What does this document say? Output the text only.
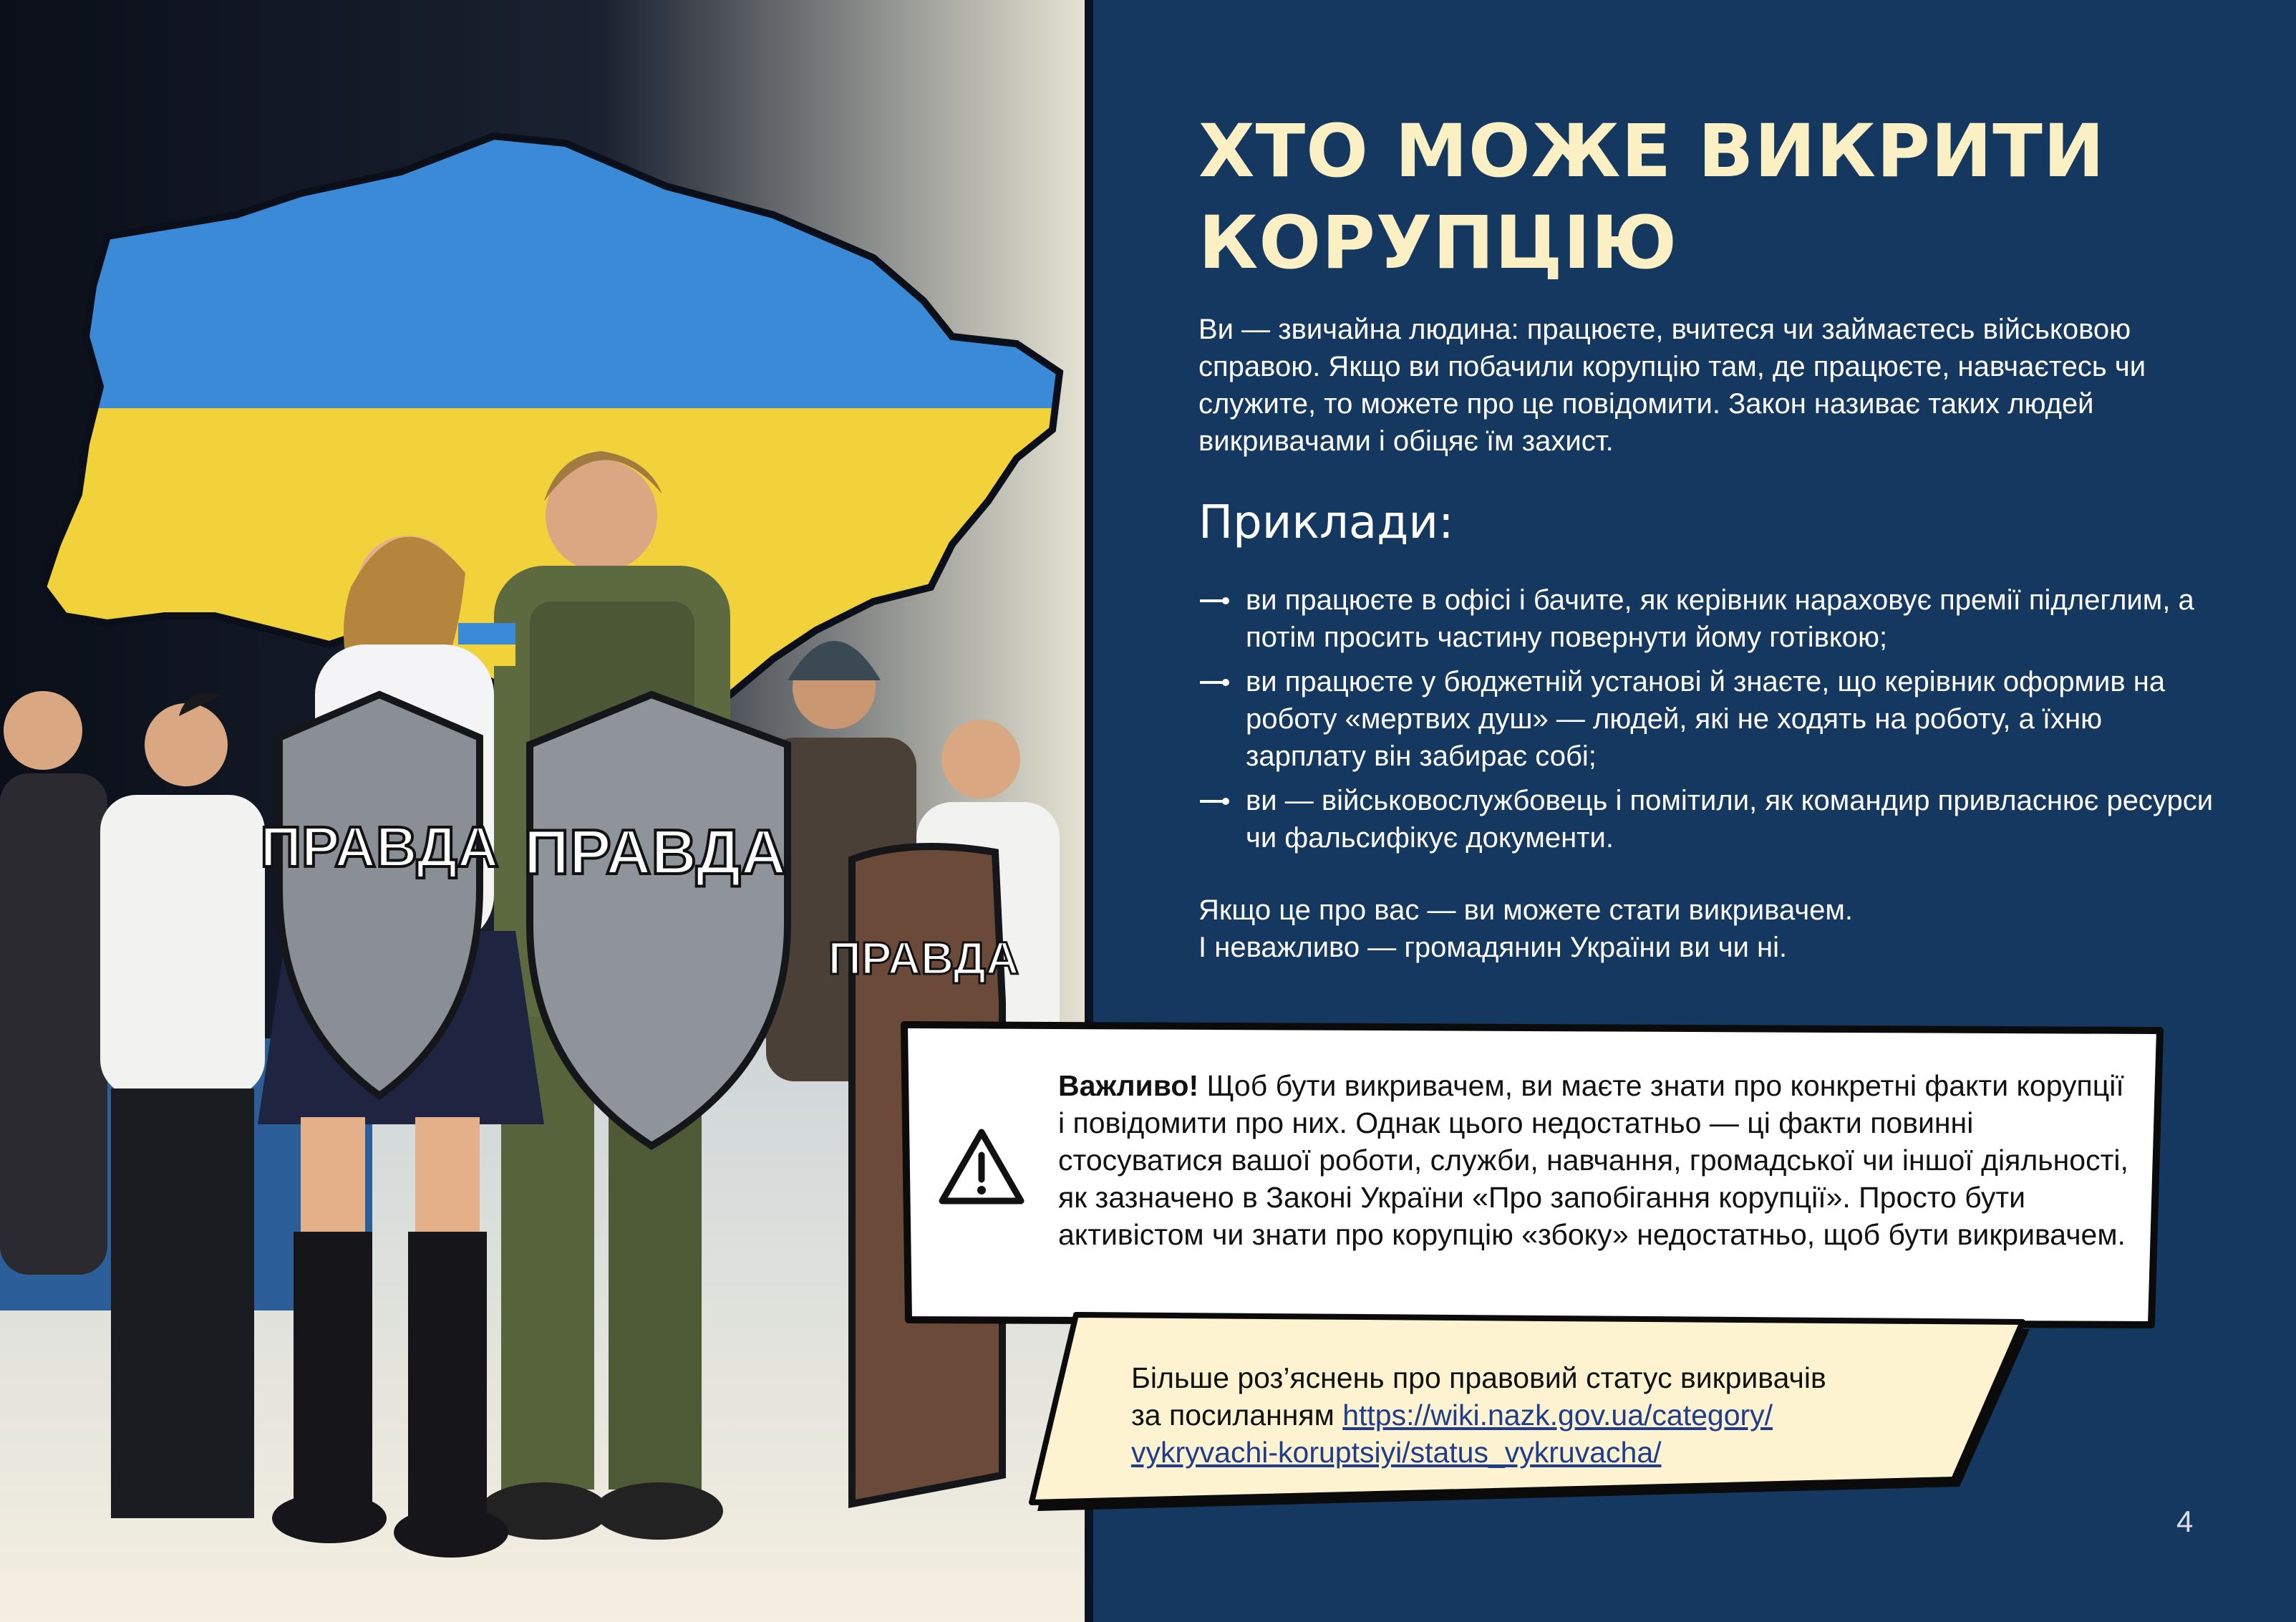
ПРАВДА ПРАВДА
ПРАВДА
ХТО МОЖЕ ВИКРИТИ КОРУПЦІЮ

Ви — звичайна людина: працюєте, вчитеся чи займаєтесь військовою справою. Якщо ви побачили корупцію там, де працюєте, навчаєтесь чи служите, то можете про це повідомити. Закон називає таких людей викривачами і обіцяє їм захист.

Приклади:
ви працюєте в офісі і бачите, як керівник нараховує премії підлеглим, а потім просить частину повернути йому готівкою;
ви працюєте у бюджетній установі й знаєте, що керівник оформив на роботу «мертвих душ» — людей, які не ходять на роботу, а їхню зарплату він забирає собі;
ви — військовослужбовець і помітили, як командир привласнює ресурси чи фальсифікує документи.

Якщо це про вас — ви можете стати викривачем.
І неважливо — громадянин України ви чи ні.

Важливо! Щоб бути викривачем, ви маєте знати про конкретні факти корупції і повідомити про них. Однак цього недостатньо — ці факти повинні стосуватися вашої роботи, служби, навчання, громадської чи іншої діяльності, як зазначено в Законі України «Про запобігання корупції». Просто бути активістом чи знати про корупцію «збоку» недостатньо, щоб бути викривачем.

Більше роз’яснень про правовий статус викривачів
за посиланням https://wiki.nazk.gov.ua/category/
vykryvachi-koruptsiyi/status_vykruvacha/

4
